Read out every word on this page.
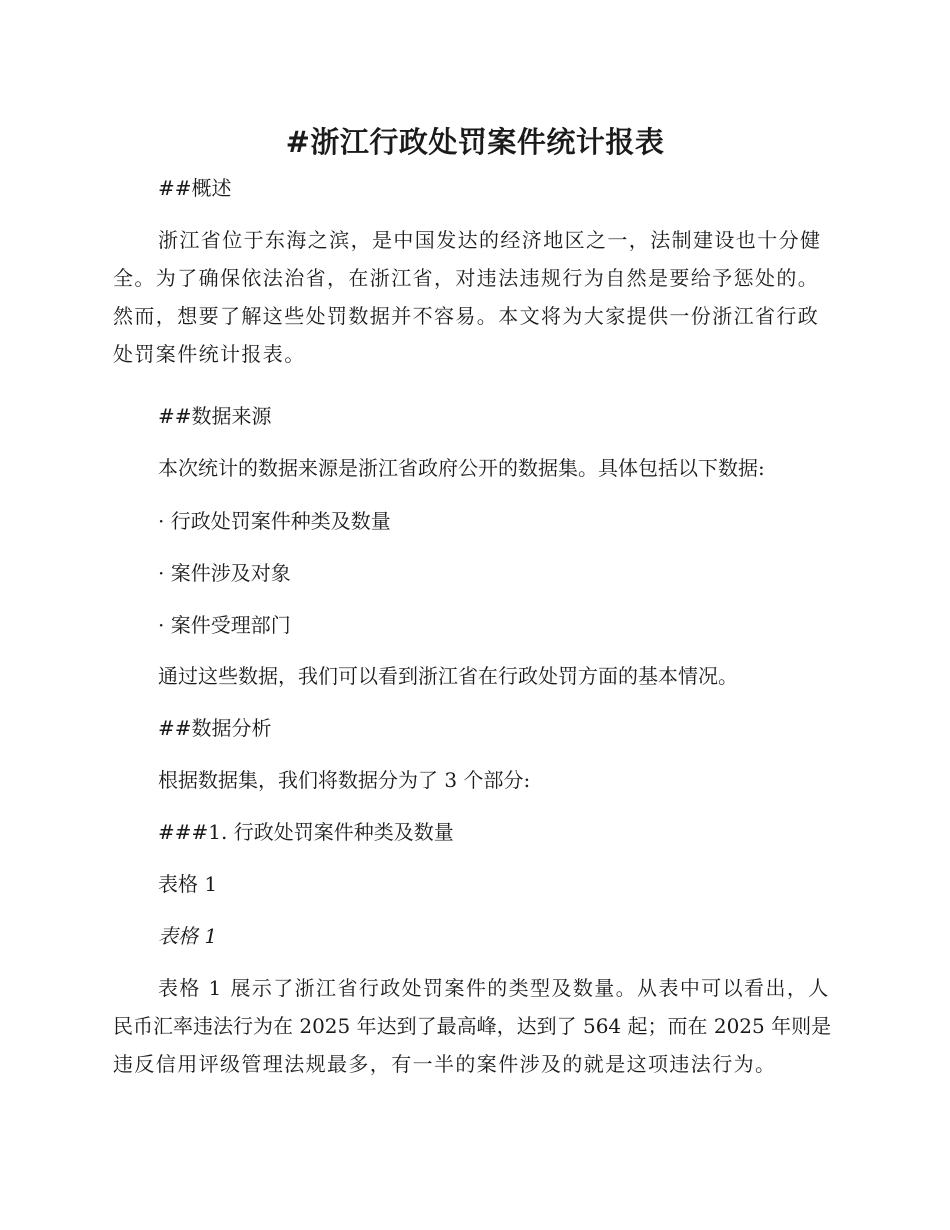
#浙江行政处罚案件统计报表

##概述

浙江省位于东海之滨，是中国发达的经济地区之一，法制建设也十分健

全。为了确保依法治省，在浙江省，对违法违规行为自然是要给予惩处的。

然而，想要了解这些处罚数据并不容易。本文将为大家提供一份浙江省行政

处罚案件统计报表。

##数据来源

本次统计的数据来源是浙江省政府公开的数据集。具体包括以下数据:

· 行政处罚案件种类及数量

· 案件涉及对象

· 案件受理部门

通过这些数据，我们可以看到浙江省在行政处罚方面的基本情况。

##数据分析

根据数据集，我们将数据分为了 3 个部分:

###1. 行政处罚案件种类及数量

表格 1

表格 1

表格 1 展示了浙江省行政处罚案件的类型及数量。从表中可以看出，人

民币汇率违法行为在 2025 年达到了最高峰，达到了 564 起；而在 2025 年则是

违反信用评级管理法规最多，有一半的案件涉及的就是这项违法行为。
